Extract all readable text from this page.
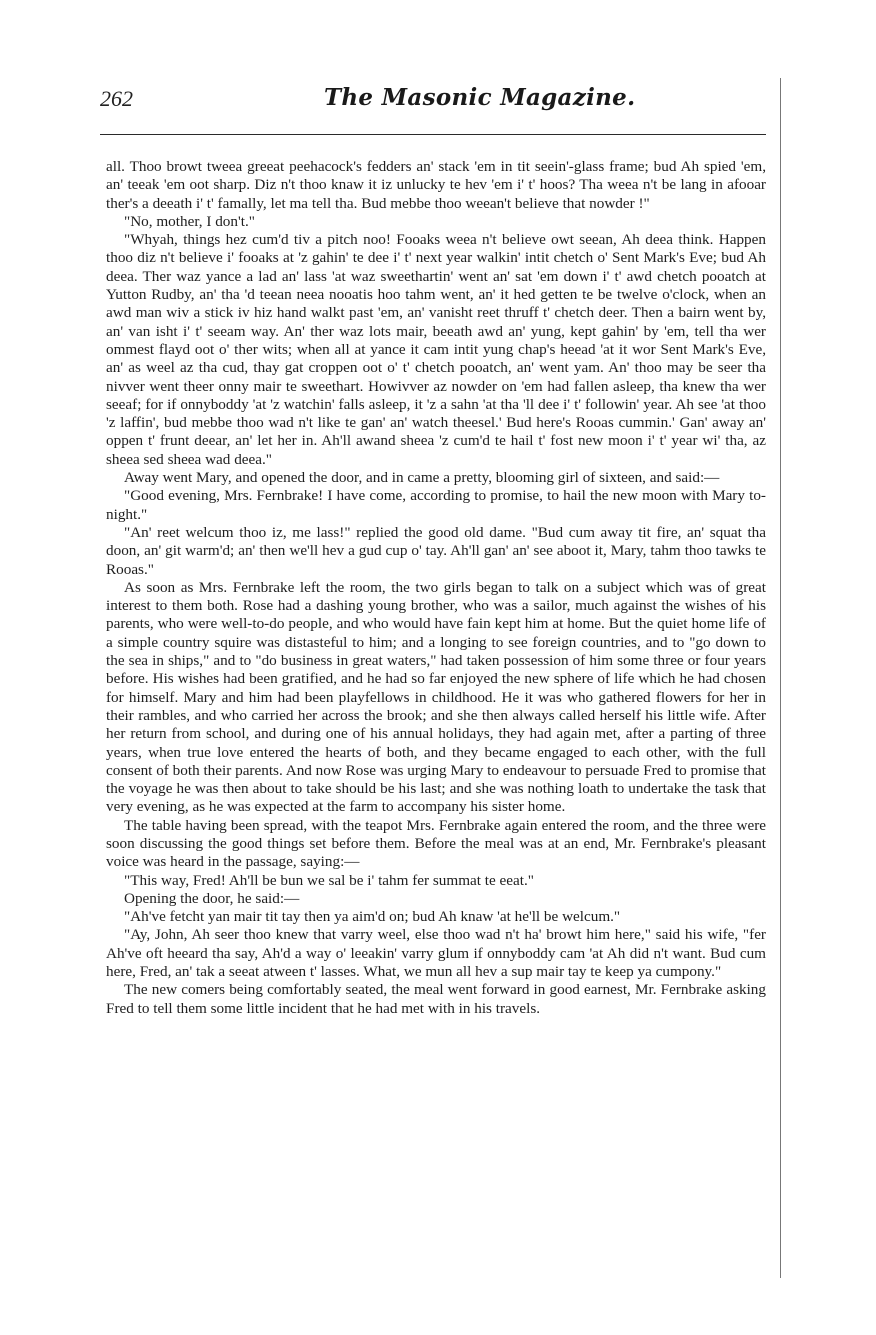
262	The Masonic Magazine.

all. Thoo browt tweea greeat peehacock's fedders an' stack 'em in tit seein'-glass frame; bud Ah spied 'em, an' teeak 'em oot sharp. Diz n't thoo knaw it iz unlucky te hev 'em i' t' hoos? Tha weea n't be lang in afooar ther's a deeath i' t' famally, let ma tell tha. Bud mebbe thoo weean't believe that nowder !"

"No, mother, I don't."

"Whyah, things hez cum'd tiv a pitch noo! Fooaks weea n't believe owt seean, Ah deea think. Happen thoo diz n't believe i' fooaks at 'z gahin' te dee i' t' next year walkin' intit chetch o' Sent Mark's Eve; bud Ah deea. Ther waz yance a lad an' lass 'at waz sweethartin' went an' sat 'em down i' t' awd chetch pooatch at Yutton Rudby, an' tha 'd teean neea nooatis hoo tahm went, an' it hed getten te be twelve o'clock, when an awd man wiv a stick iv hiz hand walkt past 'em, an' vanisht reet thruff t' chetch deer. Then a bairn went by, an' van isht i' t' seeam way. An' ther waz lots mair, beeath awd an' yung, kept gahin' by 'em, tell tha wer ommest flayd oot o' ther wits; when all at yance it cam intit yung chap's heead 'at it wor Sent Mark's Eve, an' as weel az tha cud, thay gat croppen oot o' t' chetch pooatch, an' went yam. An' thoo may be seer tha nivver went theer onny mair te sweethart. Howivver az nowder on 'em had fallen asleep, tha knew tha wer seeaf; for if onnyboddy 'at 'z watchin' falls asleep, it 'z a sahn 'at tha 'll dee i' t' followin' year. Ah see 'at thoo 'z laffin', bud mebbe thoo wad n't like te gan' an' watch theesel.' Bud here's Rooas cummin.' Gan' away an' oppen t' frunt deear, an' let her in. Ah'll awand sheea 'z cum'd te hail t' fost new moon i' t' year wi' tha, az sheea sed sheea wad deea."

Away went Mary, and opened the door, and in came a pretty, blooming girl of sixteen, and said:—

"Good evening, Mrs. Fernbrake! I have come, according to promise, to hail the new moon with Mary to-night."

"An' reet welcum thoo iz, me lass!" replied the good old dame. "Bud cum away tit fire, an' squat tha doon, an' git warm'd; an' then we'll hev a gud cup o' tay. Ah'll gan' an' see aboot it, Mary, tahm thoo tawks te Rooas."

As soon as Mrs. Fernbrake left the room, the two girls began to talk on a subject which was of great interest to them both. Rose had a dashing young brother, who was a sailor, much against the wishes of his parents, who were well-to-do people, and who would have fain kept him at home. But the quiet home life of a simple country squire was distasteful to him; and a longing to see foreign countries, and to "go down to the sea in ships," and to "do business in great waters," had taken possession of him some three or four years before. His wishes had been gratified, and he had so far enjoyed the new sphere of life which he had chosen for himself. Mary and him had been playfellows in childhood. He it was who gathered flowers for her in their rambles, and who carried her across the brook; and she then always called herself his little wife. After her return from school, and during one of his annual holidays, they had again met, after a parting of three years, when true love entered the hearts of both, and they became engaged to each other, with the full consent of both their parents. And now Rose was urging Mary to endeavour to persuade Fred to promise that the voyage he was then about to take should be his last; and she was nothing loath to undertake the task that very evening, as he was expected at the farm to accompany his sister home.

The table having been spread, with the teapot Mrs. Fernbrake again entered the room, and the three were soon discussing the good things set before them. Before the meal was at an end, Mr. Fernbrake's pleasant voice was heard in the passage, saying:—

"This way, Fred! Ah'll be bun we sal be i' tahm fer summat te eeat."

Opening the door, he said:—

"Ah've fetcht yan mair tit tay then ya aim'd on; bud Ah knaw 'at he'll be welcum."

"Ay, John, Ah seer thoo knew that varry weel, else thoo wad n't ha' browt him here," said his wife, "fer Ah've oft heeard tha say, Ah'd a way o' leeakin' varry glum if onnyboddy cam 'at Ah did n't want. Bud cum here, Fred, an' tak a seeat atween t' lasses. What, we mun all hev a sup mair tay te keep ya cumpony."

The new comers being comfortably seated, the meal went forward in good earnest, Mr. Fernbrake asking Fred to tell them some little incident that he had met with in his travels.
